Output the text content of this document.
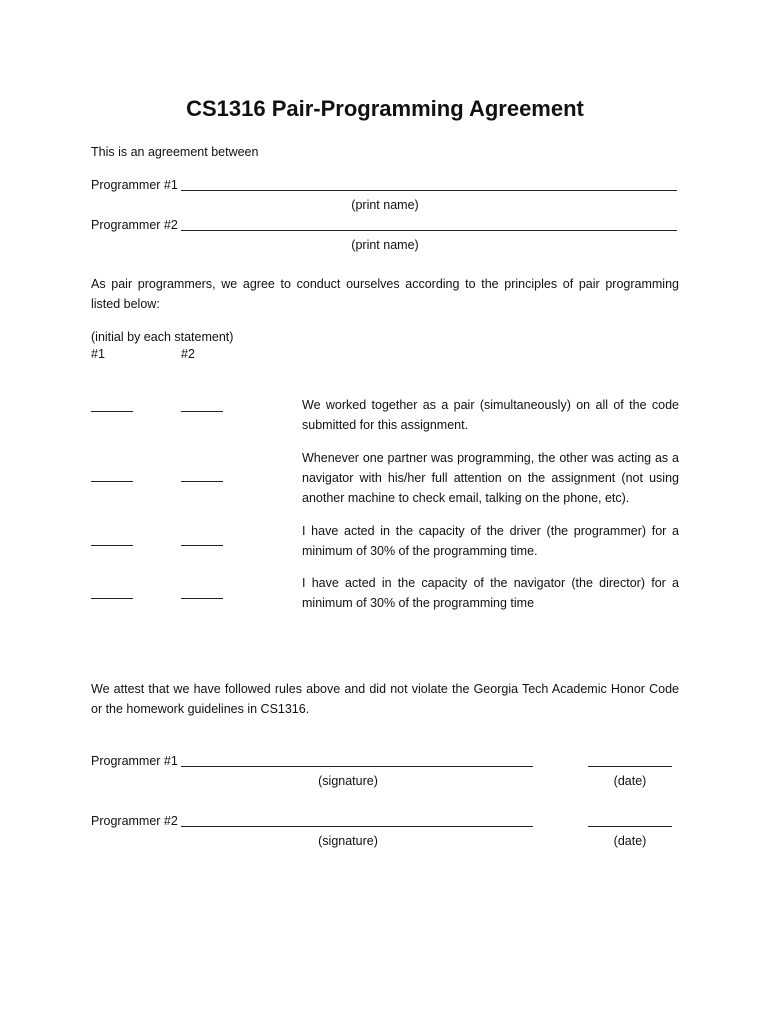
CS1316 Pair-Programming Agreement
This is an agreement between
Programmer #1
(print name)
Programmer #2
(print name)
As pair programmers, we agree to conduct ourselves according to the principles of pair programming listed below:
(initial by each statement)
#1	#2
We worked together as a pair (simultaneously) on all of the code submitted for this assignment.
Whenever one partner was programming, the other was acting as a navigator with his/her full attention on the assignment (not using another machine to check email, talking on the phone, etc).
I have acted in the capacity of the driver (the programmer) for a minimum of 30% of the programming time.
I have acted in the capacity of the navigator (the director) for a minimum of 30% of the programming time
We attest that we have followed rules above and did not violate the Georgia Tech Academic Honor Code or the homework guidelines in CS1316.
Programmer #1
(signature)	(date)
Programmer #2
(signature)	(date)
